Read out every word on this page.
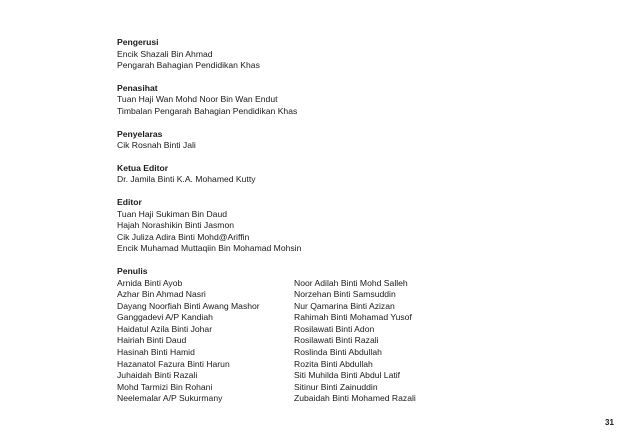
Pengerusi
Encik Shazali Bin Ahmad
Pengarah Bahagian Pendidikan Khas
Penasihat
Tuan Haji Wan Mohd Noor Bin Wan Endut
Timbalan Pengarah Bahagian Pendidikan Khas
Penyelaras
Cik Rosnah Binti Jali
Ketua Editor
Dr. Jamila Binti K.A. Mohamed Kutty
Editor
Tuan Haji Sukiman Bin Daud
Hajah Norashikin Binti Jasmon
Cik Juliza Adira Binti Mohd@Ariffin
Encik Muhamad Muttaqiin Bin Mohamad Mohsin
Penulis
Arnida Binti Ayob
Azhar Bin Ahmad Nasri
Dayang Noorfiah Binti Awang Mashor
Ganggadevi A/P Kandiah
Haidatul Azila Binti Johar
Hairiah Binti Daud
Hasinah Binti Hamid
Hazanatol Fazura Binti Harun
Juhaidah Binti Razali
Mohd Tarmizi Bin Rohani
Neelemalar A/P Sukurmany
Noor Adilah Binti Mohd Salleh
Norzehan Binti Samsuddin
Nur Qamarina Binti Azizan
Rahimah Binti Mohamad Yusof
Rosilawati Binti Adon
Rosilawati Binti Razali
Roslinda Binti Abdullah
Rozita Binti Abdullah
Siti Muhilda Binti Abdul Latif
Sitinur Binti Zainuddin
Zubaidah Binti Mohamed Razali
31
